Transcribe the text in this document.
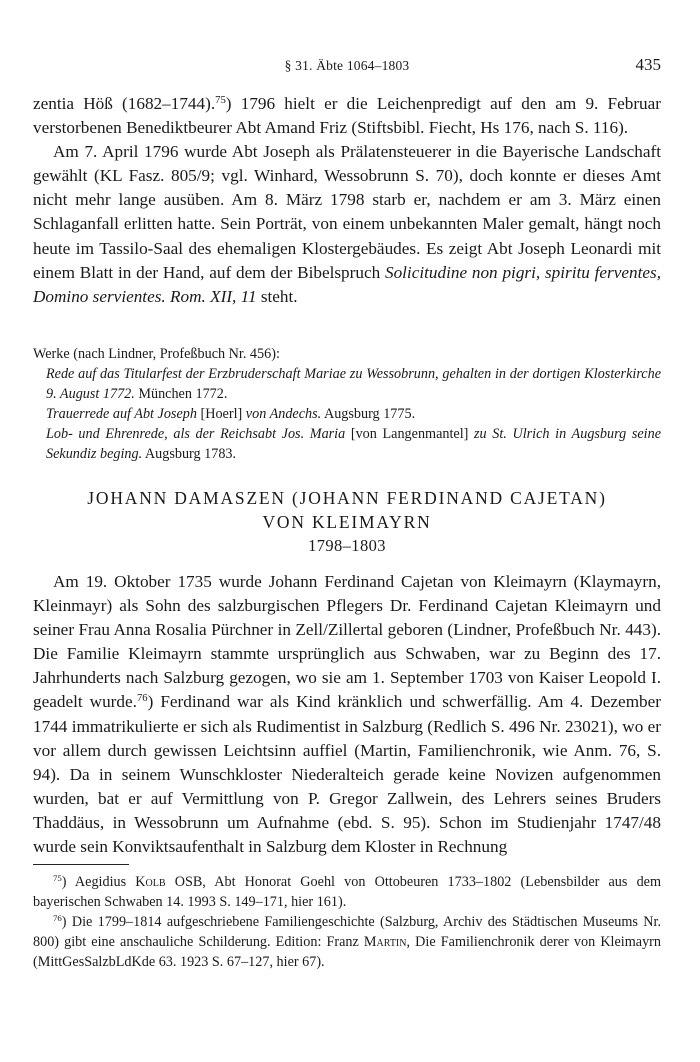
§ 31. Äbte 1064–1803	435

zentia Höß (1682–1744).$^{75}$) 1796 hielt er die Leichenpredigt auf den am 9. Februar verstorbenen Benediktbeurer Abt Amand Friz (Stiftsbibl. Fiecht, Hs 176, nach S. 116).

Am 7. April 1796 wurde Abt Joseph als Prälatensteuerer in die Bayerische Landschaft gewählt (KL Fasz. 805/9; vgl. Winhard, Wessobrunn S. 70), doch konnte er dieses Amt nicht mehr lange ausüben. Am 8. März 1798 starb er, nachdem er am 3. März einen Schlaganfall erlitten hatte. Sein Porträt, von einem unbekannten Maler gemalt, hängt noch heute im Tassilo-Saal des ehemaligen Klostergebäudes. Es zeigt Abt Joseph Leonardi mit einem Blatt in der Hand, auf dem der Bibelspruch Solicitudine non pigri, spiritu ferventes, Domino servientes. Rom. XII, 11 steht.

Werke (nach Lindner, Profeßbuch Nr. 456):

Rede auf das Titularfest der Erzbruderschaft Mariae zu Wessobrunn, gehalten in der dortigen Klosterkirche 9. August 1772. München 1772.

Trauerrede auf Abt Joseph [Hoerl] von Andechs. Augsburg 1775.

Lob- und Ehrenrede, als der Reichsabt Jos. Maria [von Langenmantel] zu St. Ulrich in Augsburg seine Sekundiz beging. Augsburg 1783.

JOHANN DAMASZEN (JOHANN FERDINAND CAJETAN)
VON KLEIMAYRN
1798–1803

Am 19. Oktober 1735 wurde Johann Ferdinand Cajetan von Kleimayrn (Klaymayrn, Kleinmayr) als Sohn des salzburgischen Pflegers Dr. Ferdinand Cajetan Kleimayrn und seiner Frau Anna Rosalia Pürchner in Zell/Zillertal geboren (Lindner, Profeßbuch Nr. 443). Die Familie Kleimayrn stammte ursprünglich aus Schwaben, war zu Beginn des 17. Jahrhunderts nach Salzburg gezogen, wo sie am 1. September 1703 von Kaiser Leopold I. geadelt wurde.$^{76}$) Ferdinand war als Kind kränklich und schwerfällig. Am 4. Dezember 1744 immatrikulierte er sich als Rudimentist in Salzburg (Redlich S. 496 Nr. 23021), wo er vor allem durch gewissen Leichtsinn auffiel (Martin, Familienchronik, wie Anm. 76, S. 94). Da in seinem Wunschkloster Niederalteich gerade keine Novizen aufgenommen wurden, bat er auf Vermittlung von P. Gregor Zallwein, des Lehrers seines Bruders Thaddäus, in Wessobrunn um Aufnahme (ebd. S. 95). Schon im Studienjahr 1747/48 wurde sein Konviktsaufenthalt in Salzburg dem Kloster in Rechnung

$^{75}$) Aegidius Kolb OSB, Abt Honorat Goehl von Ottobeuren 1733–1802 (Lebensbilder aus dem bayerischen Schwaben 14. 1993 S. 149–171, hier 161).

$^{76}$) Die 1799–1814 aufgeschriebene Familiengeschichte (Salzburg, Archiv des Städtischen Museums Nr. 800) gibt eine anschauliche Schilderung. Edition: Franz Martin, Die Familienchronik derer von Kleimayrn (MittGesSalzbLdKde 63. 1923 S. 67–127, hier 67).
